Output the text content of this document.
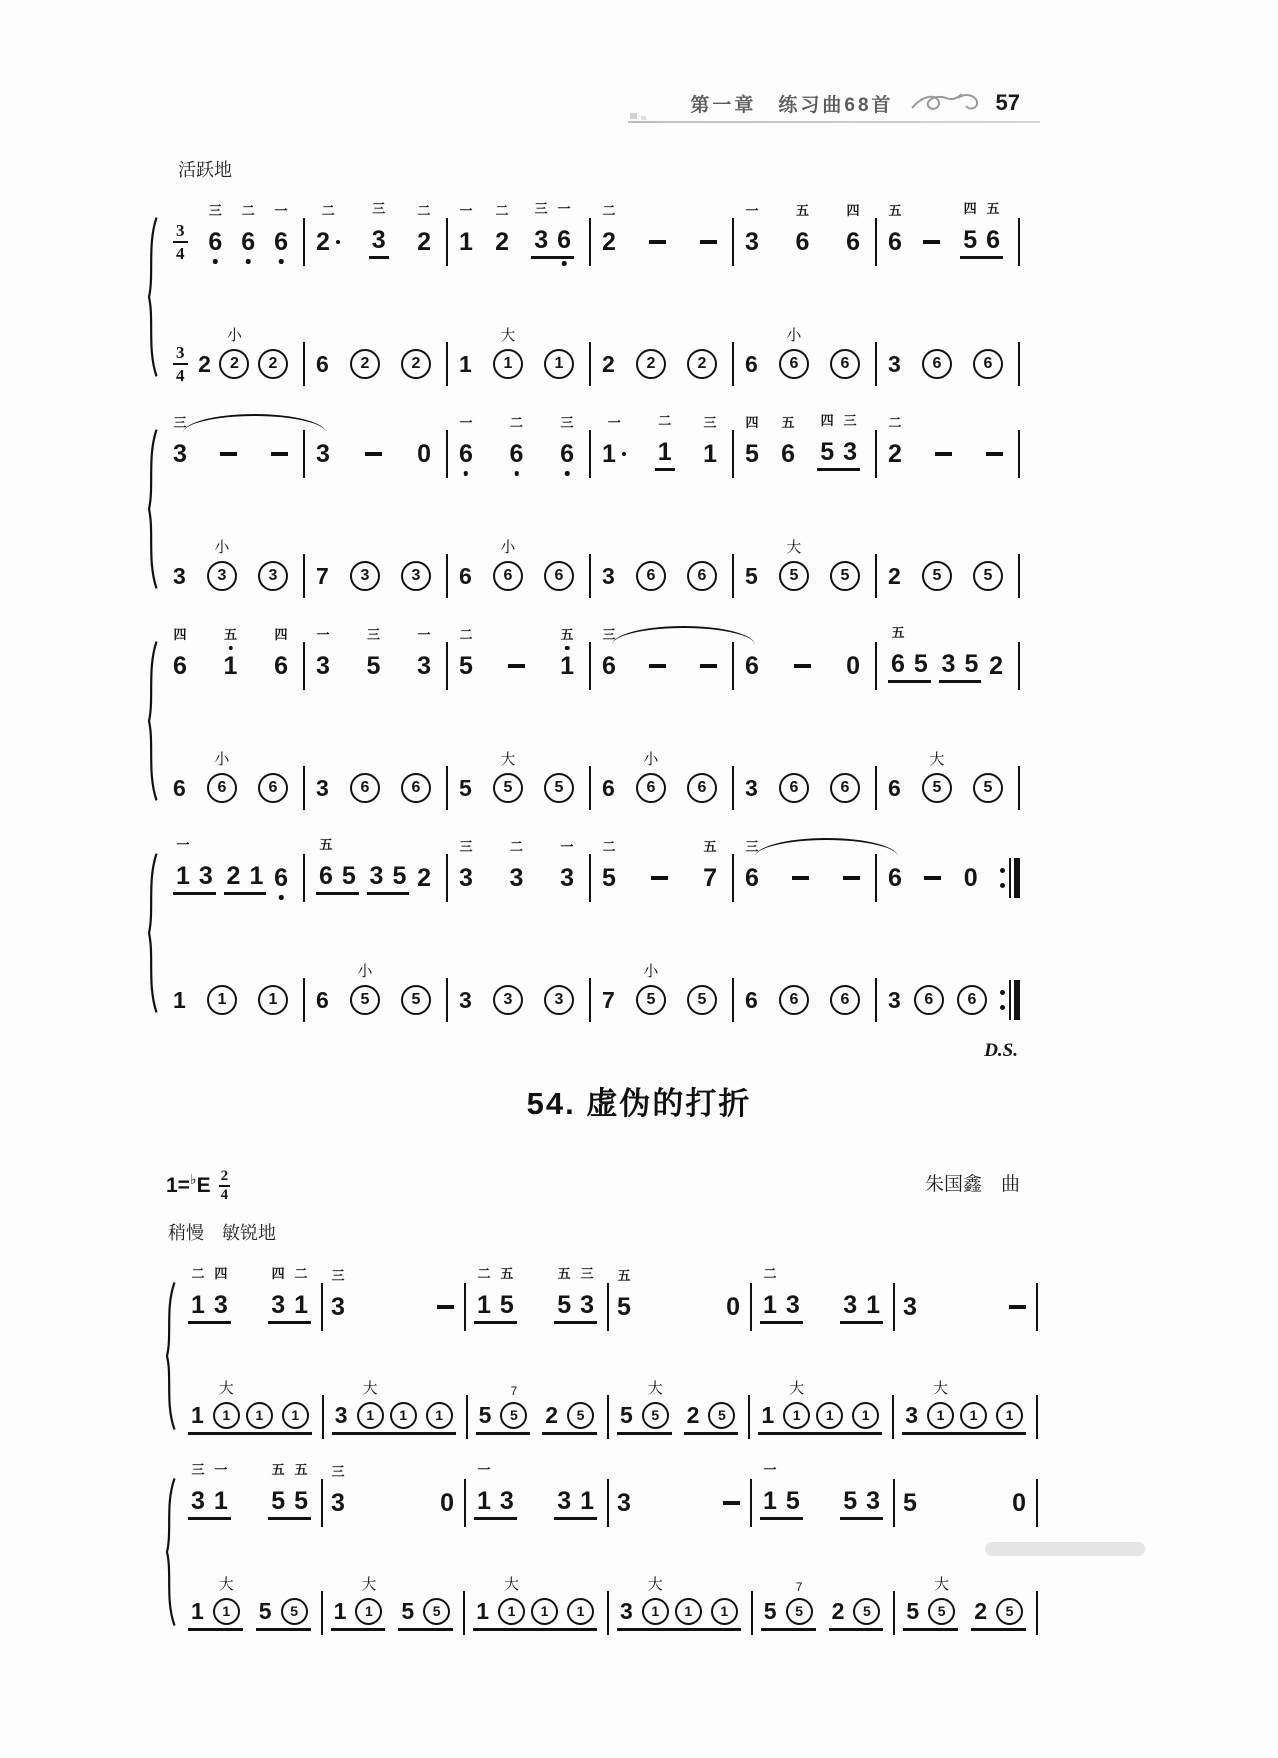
第一章　练习曲68首	57
活跃地
3
4
三
6
二
6
一
6
二
2
三
3
二
2
一
1
二
2
三
3
一
6
二
2
一
3
五
6
四
6
五
6
四
5
五
6
3
4 2
小
2 2 6 2	2 1
大
1	1 2 2	2 6
小
6	6 3 6	6
三
3	3	0
一
6
二
6
三
6
一
1
二
1
三
1
四
5
五
6
四
5
三
3
二
2
3
小
3	3 7 3	3 6
小
6	6 3 6	6 5
大
5	5 2 5	5
四
6
五
1
四
6
一
3
三
5
一
3
二
5
五
1
三
6	6	0
五
6 5 3 5 2
6
小
6	6 3 6	6 5
大
5	5 6
小
6	6 3 6	6 6
大
5	5
一
1 3 2 1 6
五
6 5 3 5 2
三
3
二
3
一
3
二
5
五
7
三
6	6 0
1 1	1 6
小
5	5 3 3	3 7
小
5	5 6 6	6 3 6 6
D.S.
54. 虚伪的打折
1= ♭ E $\frac{2}{4}$	朱国鑫　曲
稍慢　敏锐地
二
1
四
3
四
3
二
1
三
3
二
1
五
5
五
5
三
3
五
5	0
二
1 3 3 1 3
1
大
1 1 1 3
大
1 1 1 5
7
5 2 5 5
大
5 2 5 1
大
1 1 1 3
大
1 1 1
三
3
一
1
五
5
五
5
三
3	0
一
1 3 3 1 3
一
1 5 5 3 5	0
1
大
1 5 5 1
大
1 5 5 1
大
1 1 1 3
大
1 1 1 5
7
5 2 5 5
大
5 2 5
